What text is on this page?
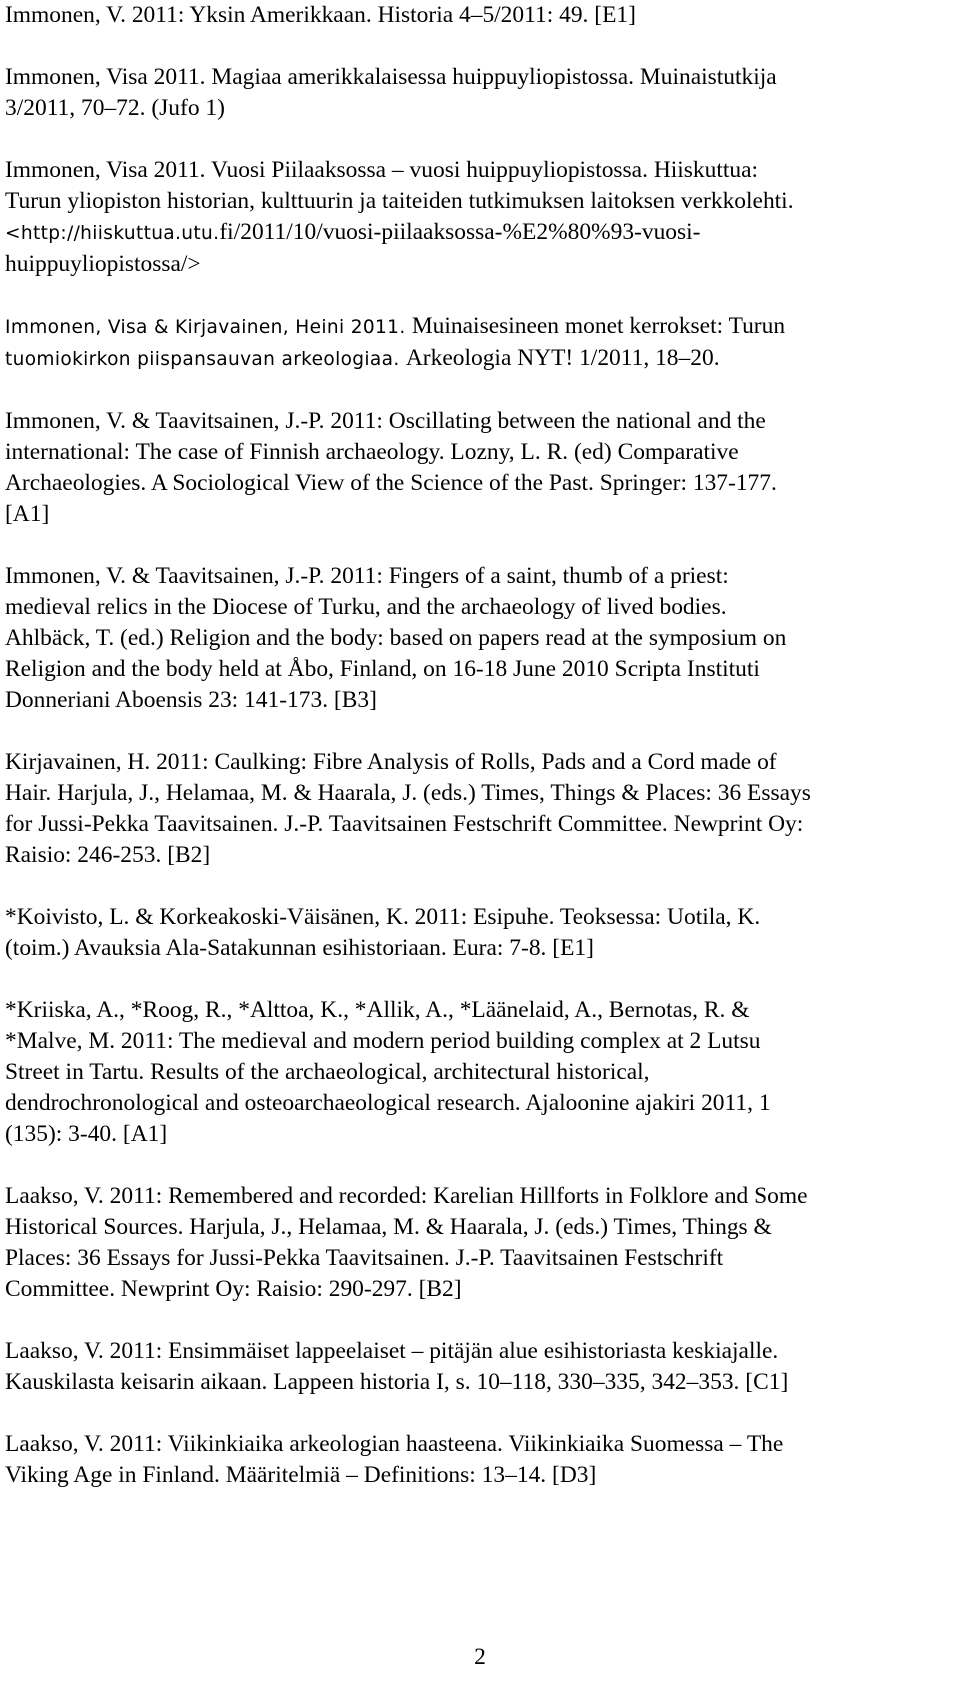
Immonen, V. 2011: Yksin Amerikkaan. Historia 4–5/2011: 49. [E1]
Immonen, Visa 2011. Magiaa amerikkalaisessa huippuyliopistossa. Muinaistutkija
3/2011, 70–72. (Jufo 1)
Immonen, Visa 2011. Vuosi Piilaaksossa – vuosi huippuyliopistossa. Hiiskuttua:
Turun yliopiston historian, kulttuurin ja taiteiden tutkimuksen laitoksen verkkolehti.
<http://hiiskuttua.utu.fi/2011/10/vuosi-piilaaksossa-%E2%80%93-vuosi-
huippuyliopistossa/>
Immonen, Visa & Kirjavainen, Heini 2011. Muinaisesineen monet kerrokset: Turun
tuomiokirkon piispansauvan arkeologiaa. Arkeologia NYT! 1/2011, 18–20.
Immonen, V. & Taavitsainen, J.-P. 2011: Oscillating between the national and the
international: The case of Finnish archaeology. Lozny, L. R. (ed) Comparative
Archaeologies. A Sociological View of the Science of the Past. Springer: 137-177.
[A1]
Immonen, V. & Taavitsainen, J.-P. 2011: Fingers of a saint, thumb of a priest:
medieval relics in the Diocese of Turku, and the archaeology of lived bodies.
Ahlbäck, T. (ed.) Religion and the body: based on papers read at the symposium on
Religion and the body held at Åbo, Finland, on 16-18 June 2010 Scripta Instituti
Donneriani Aboensis 23: 141-173. [B3]
Kirjavainen, H. 2011: Caulking: Fibre Analysis of Rolls, Pads and a Cord made of
Hair. Harjula, J., Helamaa, M. & Haarala, J. (eds.) Times, Things & Places: 36 Essays
for Jussi-Pekka Taavitsainen. J.-P. Taavitsainen Festschrift Committee. Newprint Oy:
Raisio: 246-253. [B2]
*Koivisto, L. & Korkeakoski-Väisänen, K. 2011: Esipuhe. Teoksessa: Uotila, K.
(toim.) Avauksia Ala-Satakunnan esihistoriaan. Eura: 7-8. [E1]
*Kriiska, A., *Roog, R., *Alttoa, K., *Allik, A., *Läänelaid, A., Bernotas, R. &
*Malve, M. 2011: The medieval and modern period building complex at 2 Lutsu
Street in Tartu. Results of the archaeological, architectural historical,
dendrochronological and osteoarchaeological research. Ajaloonine ajakiri 2011, 1
(135): 3-40. [A1]
Laakso, V. 2011: Remembered and recorded: Karelian Hillforts in Folklore and Some
Historical Sources. Harjula, J., Helamaa, M. & Haarala, J. (eds.) Times, Things &
Places: 36 Essays for Jussi-Pekka Taavitsainen. J.-P. Taavitsainen Festschrift
Committee. Newprint Oy: Raisio: 290-297. [B2]
Laakso, V. 2011: Ensimmäiset lappeelaiset – pitäjän alue esihistoriasta keskiajalle.
Kauskilasta keisarin aikaan. Lappeen historia I, s. 10–118, 330–335, 342–353. [C1]
Laakso, V. 2011: Viikinkiaika arkeologian haasteena. Viikinkiaika Suomessa – The
Viking Age in Finland. Määritelmiä – Definitions: 13–14. [D3]
2
